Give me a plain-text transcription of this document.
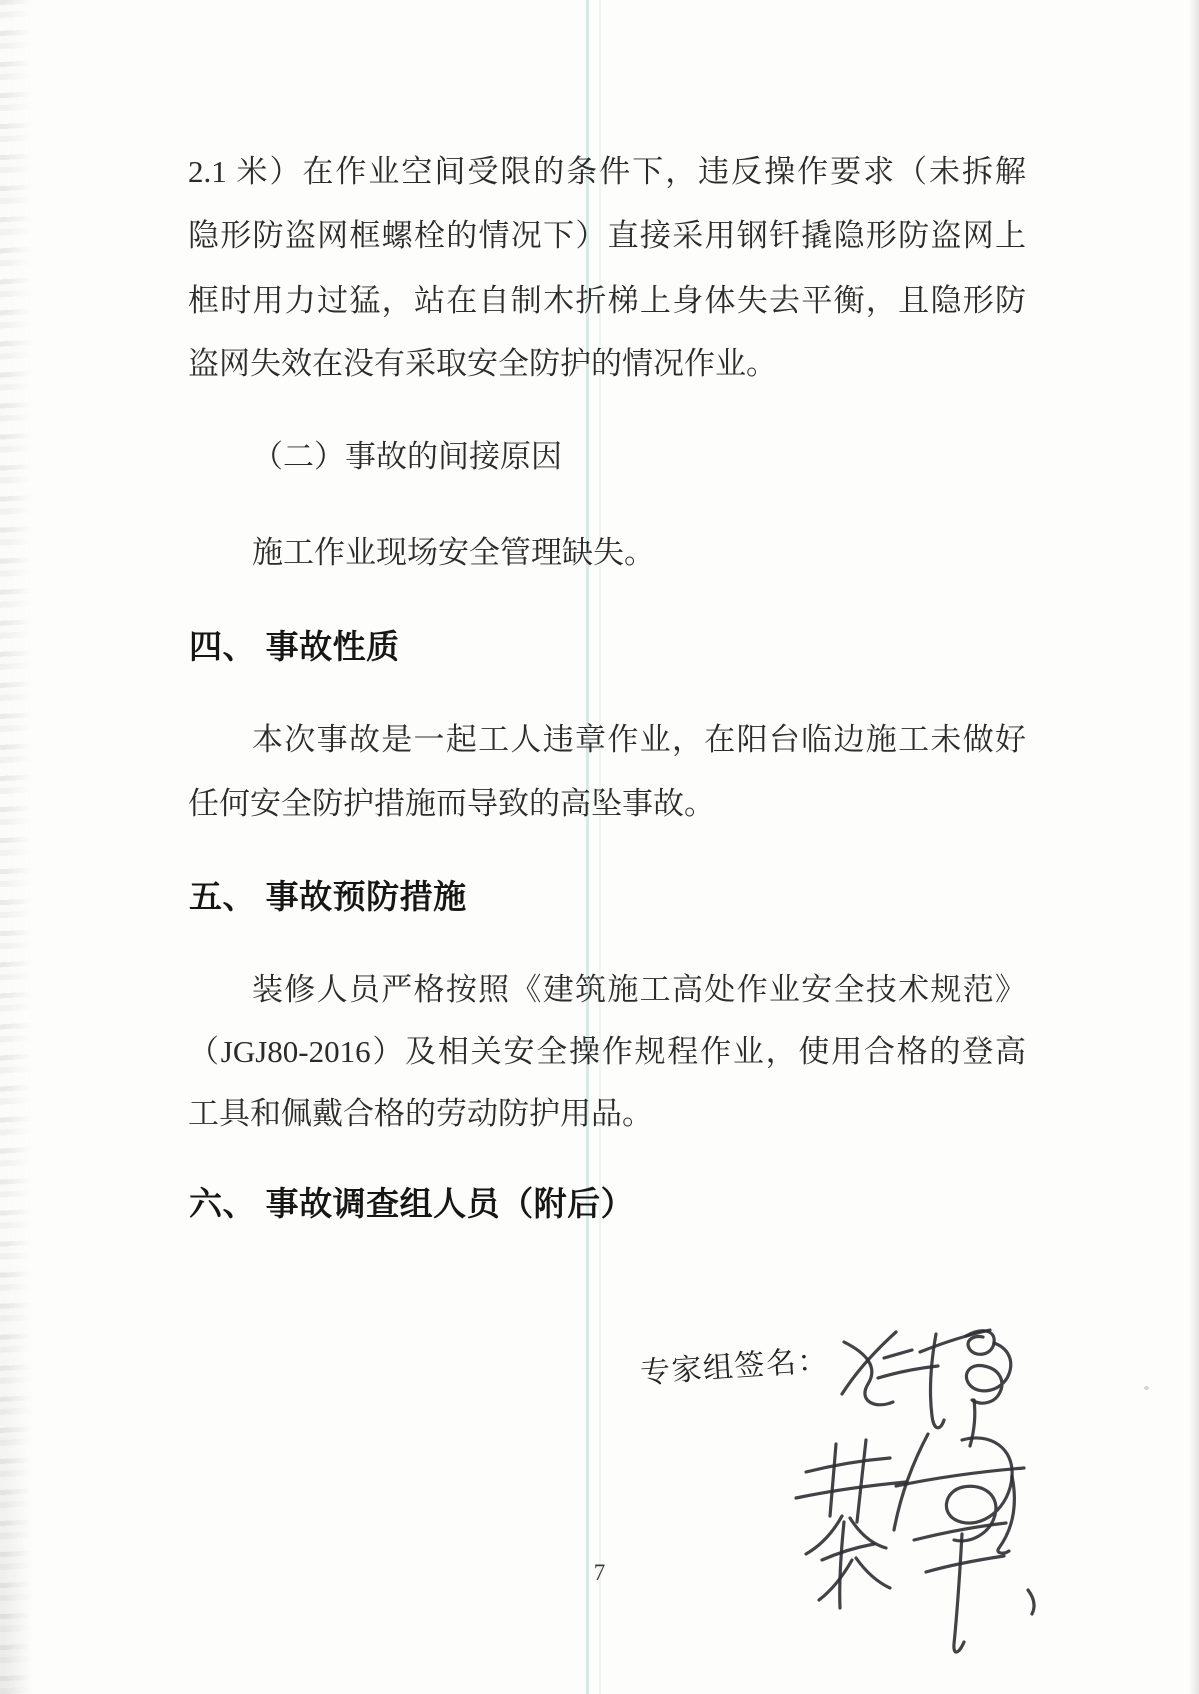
2.1 米）在作业空间受限的条件下，违反操作要求（未拆解
隐形防盗网框螺栓的情况下）直接采用钢钎撬隐形防盗网上
框时用力过猛，站在自制木折梯上身体失去平衡，且隐形防
盗网失效在没有采取安全防护的情况作业。
（二）事故的间接原因
施工作业现场安全管理缺失。
四、 事故性质
本次事故是一起工人违章作业，在阳台临边施工未做好
任何安全防护措施而导致的高坠事故。
五、 事故预防措施
装修人员严格按照《建筑施工高处作业安全技术规范》
（JGJ80-2016）及相关安全操作规程作业，使用合格的登高
工具和佩戴合格的劳动防护用品。
六、 事故调查组人员（附后）
专家组签名：
7
